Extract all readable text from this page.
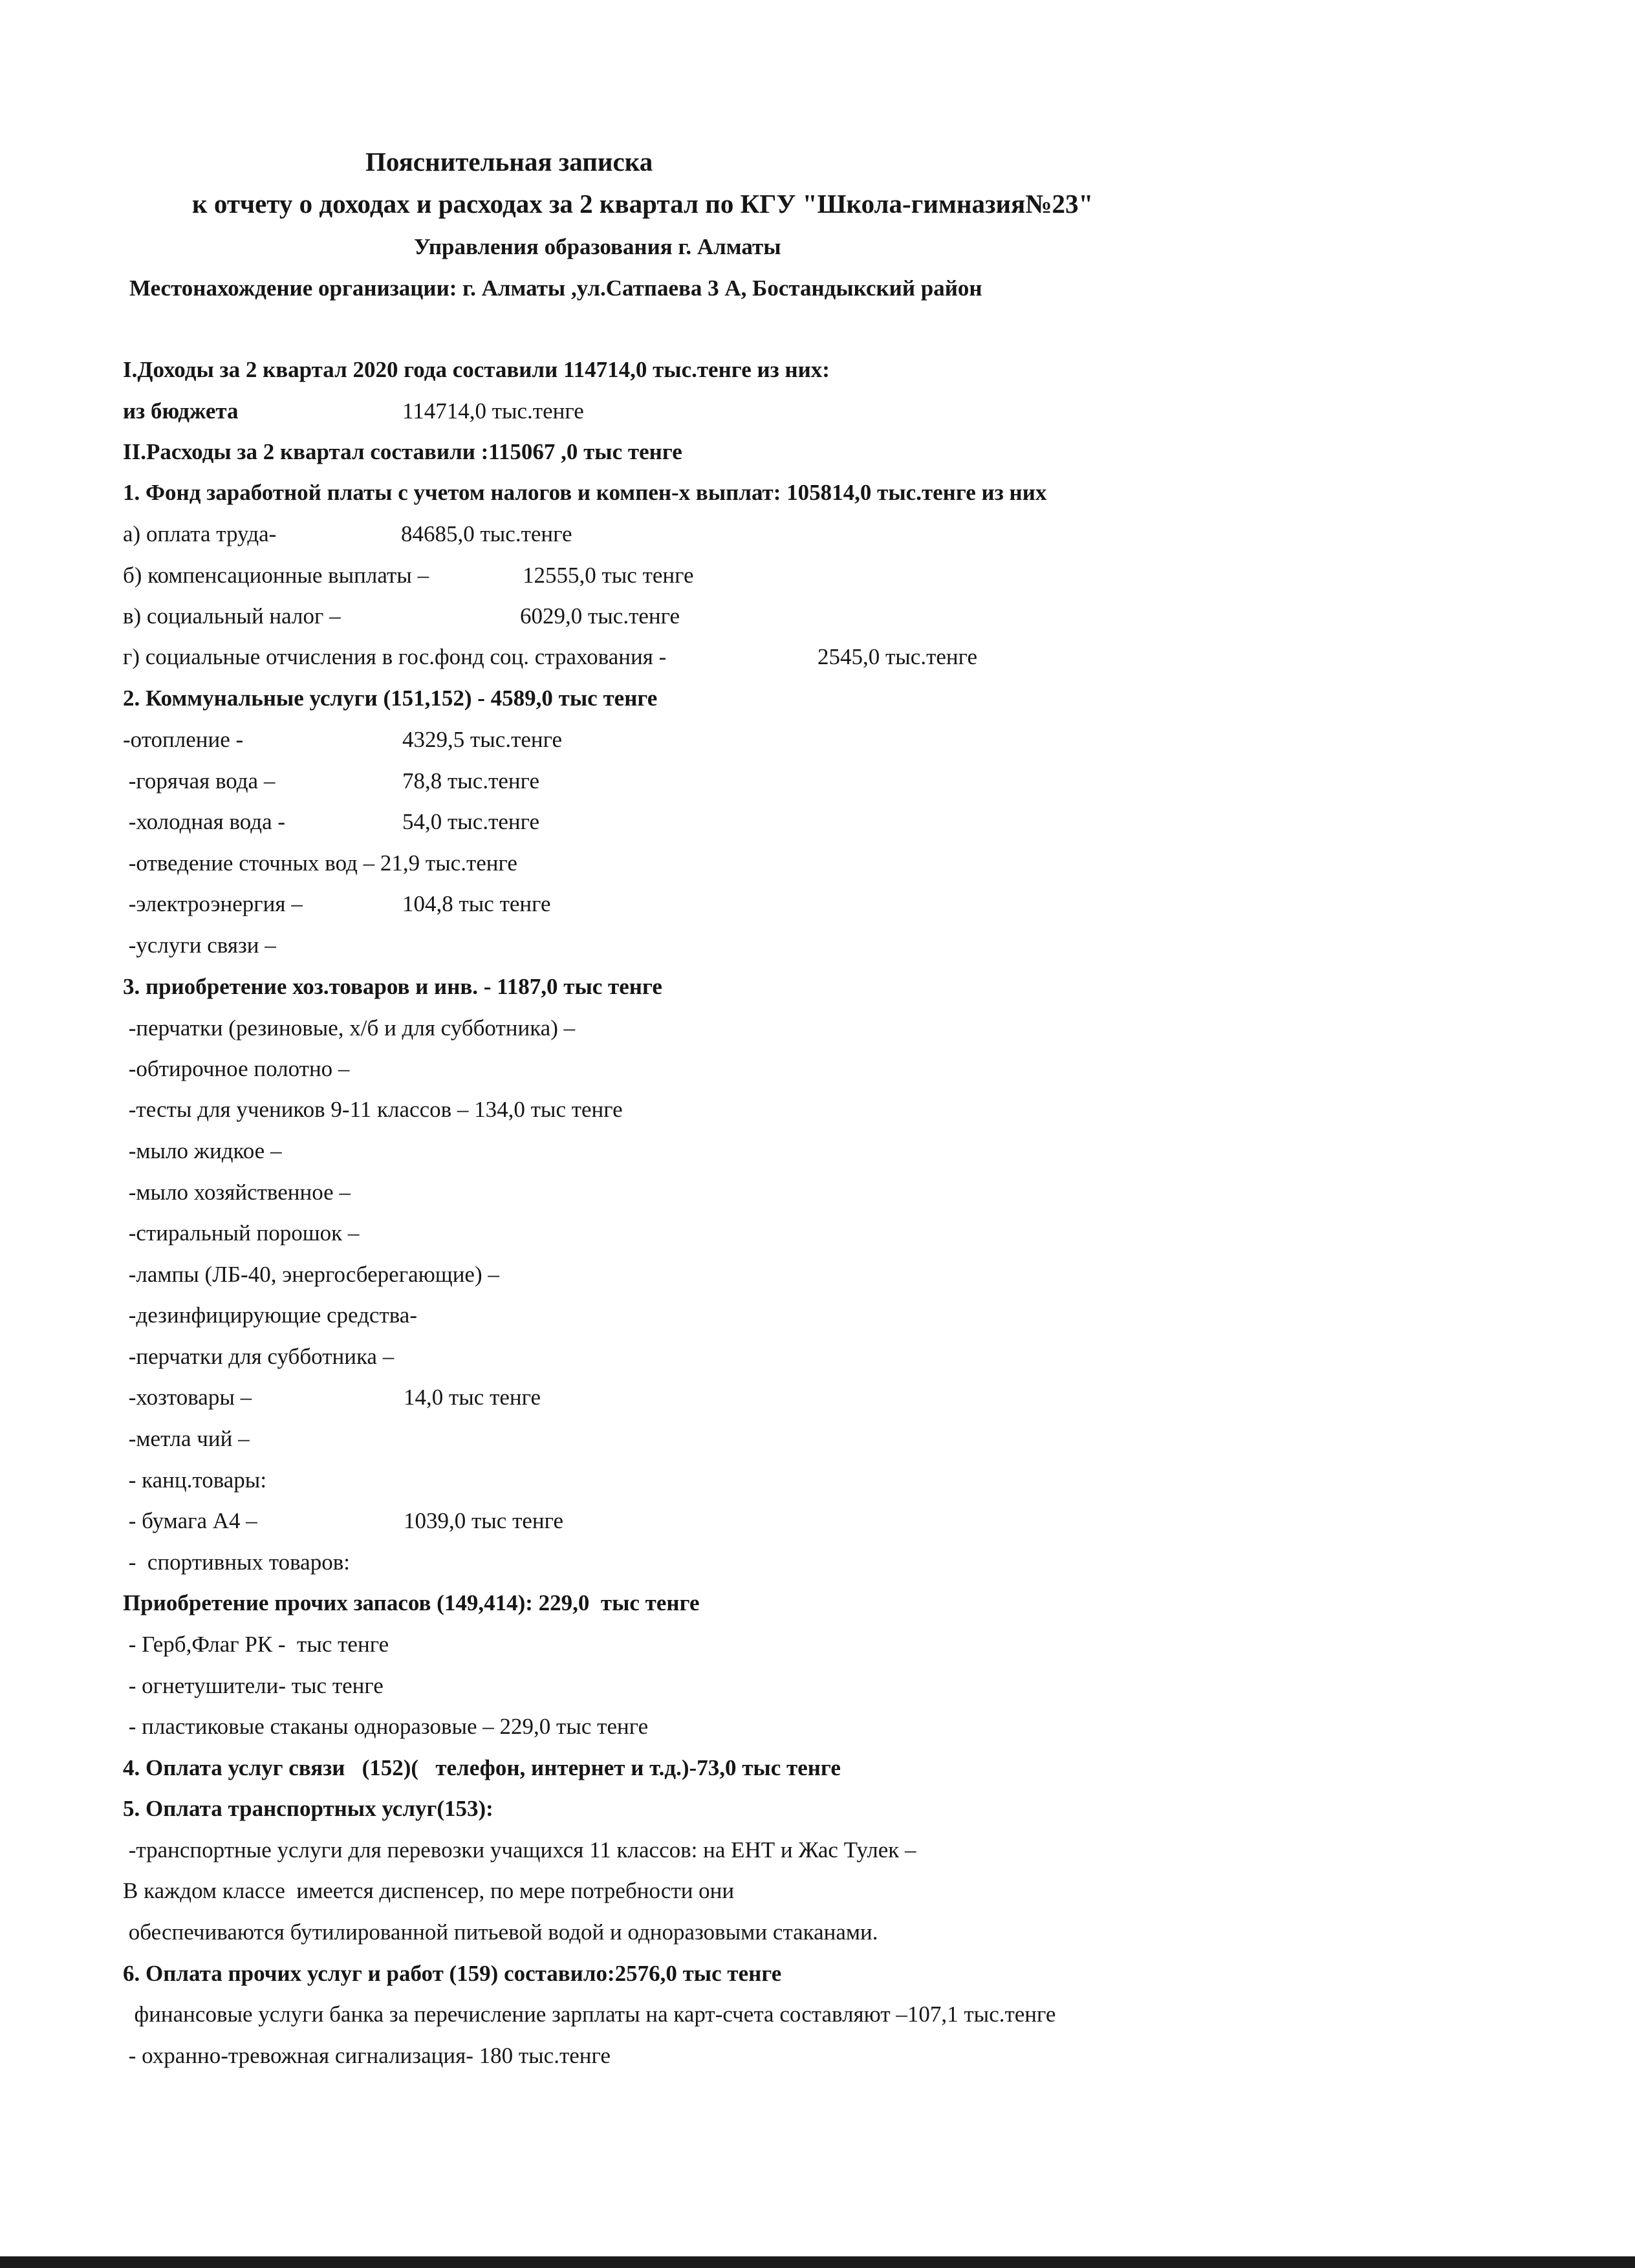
Пояснительная записка
к отчету о доходах и расходах за 2 квартал по КГУ "Школа-гимназия№23"
Управления образования г. Алматы
Местонахождение организации: г. Алматы ,ул.Сатпаева 3 А, Бостандыкский район
I.Доходы за 2 квартал 2020 года составили 114714,0 тыс.тенге из них:
из бюджета	114714,0 тыс.тенге
II.Расходы за 2 квартал составили :115067 ,0 тыс тенге
1. Фонд заработной платы с учетом налогов и компен-х выплат: 105814,0 тыс.тенге из них
а) оплата труда-	84685,0 тыс.тенге
б) компенсационные выплаты –	12555,0 тыс тенге
в) социальный налог –	6029,0 тыс.тенге
г) социальные отчисления в гос.фонд соц. страхования -	2545,0 тыс.тенге
2. Коммунальные услуги (151,152) - 4589,0 тыс тенге
-отопление -	4329,5 тыс.тенге
-горячая вода –	78,8 тыс.тенге
-холодная вода -	54,0 тыс.тенге
-отведение сточных вод – 21,9 тыс.тенге
-электроэнергия –	104,8 тыс тенге
-услуги связи –
3. приобретение хоз.товаров и инв. - 1187,0 тыс тенге
-перчатки (резиновые, х/б и для субботника) –
-обтирочное полотно –
-тесты для учеников 9-11 классов – 134,0 тыс тенге
-мыло жидкое –
-мыло хозяйственное –
-стиральный порошок –
-лампы (ЛБ-40, энергосберегающие) –
-дезинфицирующие средства-
-перчатки для субботника –
-хозтовары –	14,0 тыс тенге
-метла чий –
- канц.товары:
- бумага А4 –	1039,0 тыс тенге
-  спортивных товаров:
Приобретение прочих запасов (149,414): 229,0  тыс тенге
- Герб,Флаг РК -  тыс тенге
- огнетушители- тыс тенге
- пластиковые стаканы одноразовые – 229,0 тыс тенге
4. Оплата услуг связи   (152)(   телефон, интернет и т.д.)-73,0 тыс тенге
5. Оплата транспортных услуг(153):
-транспортные услуги для перевозки учащихся 11 классов: на ЕНТ и Жас Тулек –
В каждом классе  имеется диспенсер, по мере потребности они
обеспечиваются бутилированной питьевой водой и одноразовыми стаканами.
6. Оплата прочих услуг и работ (159) составило:2576,0 тыс тенге
финансовые услуги банка за перечисление зарплаты на карт-счета составляют –107,1 тыс.тенге
- охранно-тревожная сигнализация- 180 тыс.тенге
